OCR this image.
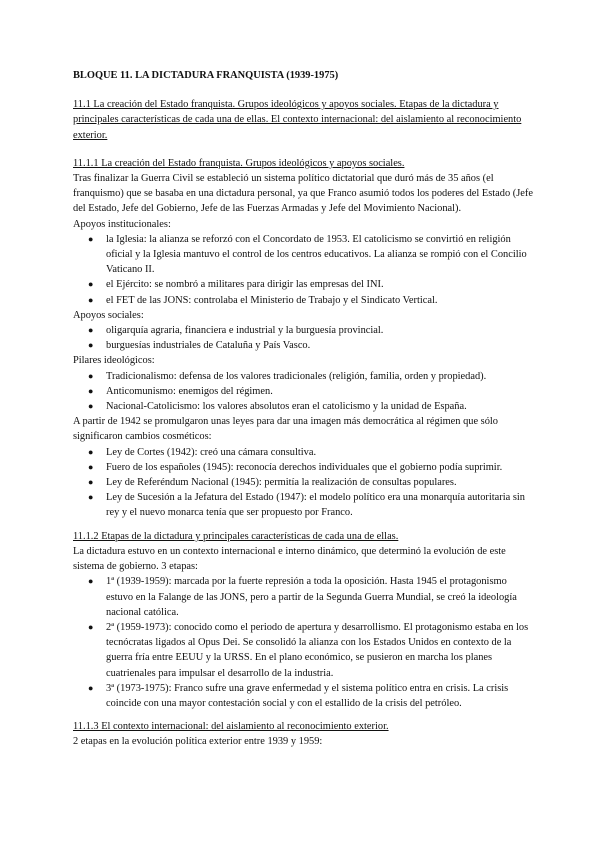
BLOQUE 11. LA DICTADURA FRANQUISTA (1939-1975)

11.1 La creación del Estado franquista. Grupos ideológicos y apoyos sociales. Etapas de la dictadura y principales características de cada una de ellas. El contexto internacional: del aislamiento al reconocimiento exterior.

11.1.1 La creación del Estado franquista. Grupos ideológicos y apoyos sociales.

Tras finalizar la Guerra Civil se estableció un sistema político dictatorial que duró más de 35 años (el franquismo) que se basaba en una dictadura personal, ya que Franco asumió todos los poderes del Estado (Jefe del Estado, Jefe del Gobierno, Jefe de las Fuerzas Armadas y Jefe del Movimiento Nacional).

Apoyos institucionales:

● la Iglesia: la alianza se reforzó con el Concordato de 1953. El catolicismo se convirtió en religión oficial y la Iglesia mantuvo el control de los centros educativos. La alianza se rompió con el Concilio Vaticano II.
● el Ejército: se nombró a militares para dirigir las empresas del INI.
● el FET de las JONS: controlaba el Ministerio de Trabajo y el Sindicato Vertical.

Apoyos sociales:

● oligarquía agraria, financiera e industrial y la burguesía provincial.
● burguesías industriales de Cataluña y País Vasco.

Pilares ideológicos:

● Tradicionalismo: defensa de los valores tradicionales (religión, familia, orden y propiedad).
● Anticomunismo: enemigos del régimen.
● Nacional-Catolicismo: los valores absolutos eran el catolicismo y la unidad de España.

A partir de 1942 se promulgaron unas leyes para dar una imagen más democrática al régimen que sólo significaron cambios cosméticos:

● Ley de Cortes (1942): creó una cámara consultiva.
● Fuero de los españoles (1945): reconocía derechos individuales que el gobierno podía suprimir.
● Ley de Referéndum Nacional (1945): permitía la realización de consultas populares.
● Ley de Sucesión a la Jefatura del Estado (1947): el modelo político era una monarquía autoritaria sin rey y el nuevo monarca tenía que ser propuesto por Franco.

11.1.2 Etapas de la dictadura y principales características de cada una de ellas.

La dictadura estuvo en un contexto internacional e interno dinámico, que determinó la evolución de este sistema de gobierno. 3 etapas:

● 1ª (1939-1959): marcada por la fuerte represión a toda la oposición. Hasta 1945 el protagonismo estuvo en la Falange de las JONS, pero a partir de la Segunda Guerra Mundial, se creó la ideología nacional católica.
● 2ª (1959-1973): conocido como el periodo de apertura y desarrollismo. El protagonismo estaba en los tecnócratas ligados al Opus Dei. Se consolidó la alianza con los Estados Unidos en contexto de la guerra fría entre EEUU y la URSS. En el plano económico, se pusieron en marcha los planes cuatrienales para impulsar el desarrollo de la industria.
● 3ª (1973-1975): Franco sufre una grave enfermedad y el sistema político entra en crisis. La crisis coincide con una mayor contestación social y con el estallido de la crisis del petróleo.

11.1.3 El contexto internacional: del aislamiento al reconocimiento exterior.

2 etapas en la evolución política exterior entre 1939 y 1959:
